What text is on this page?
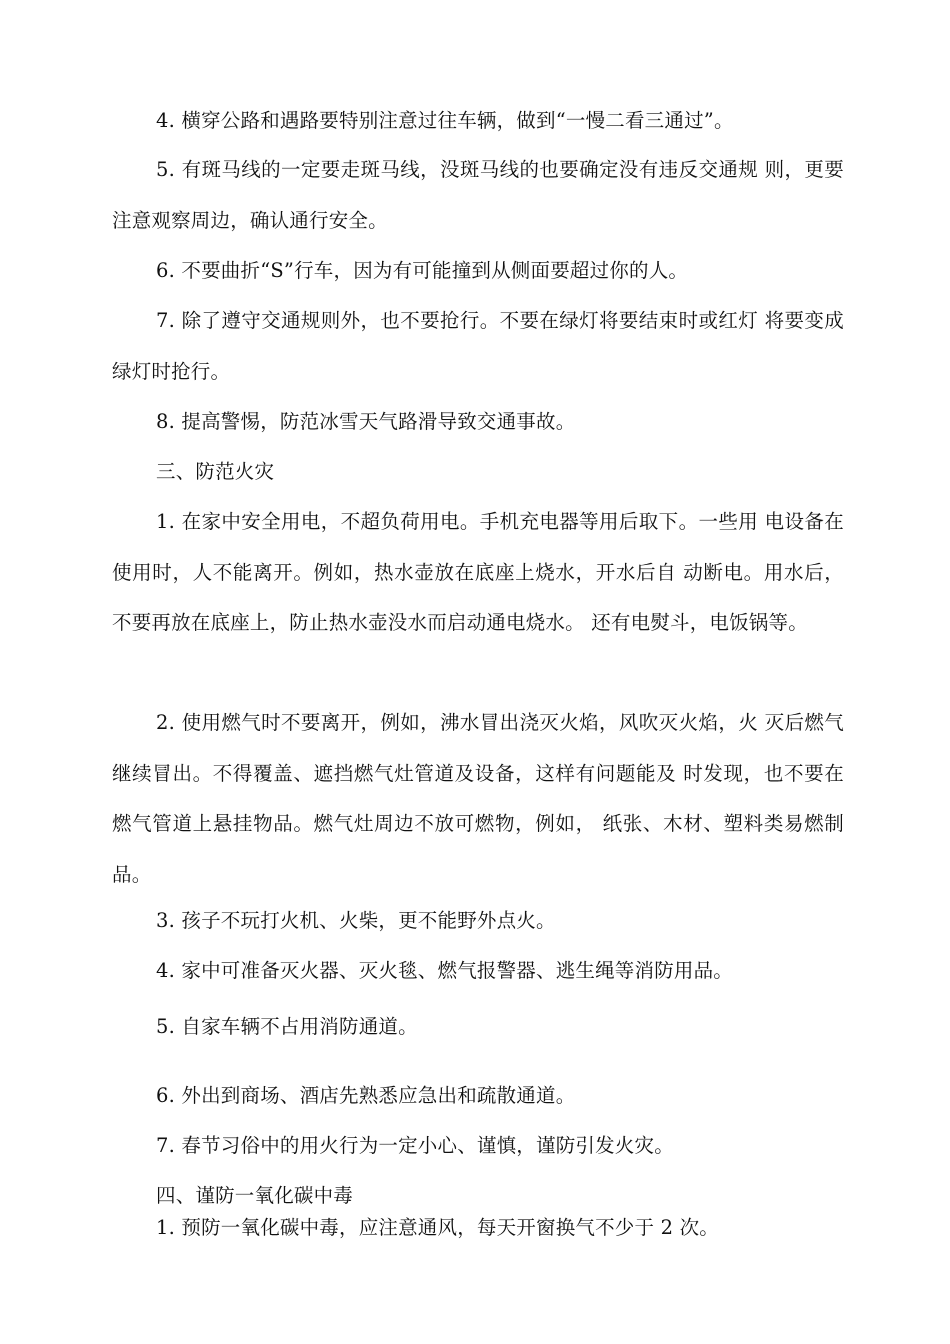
4. 横穿公路和遇路要特别注意过往车辆，做到“一慢二看三通过”。

5. 有斑马线的一定要走斑马线，没斑马线的也要确定没有违反交通规 则，更要注意观察周边，确认通行安全。

6. 不要曲折“S”行车，因为有可能撞到从侧面要超过你的人。

7. 除了遵守交通规则外，也不要抢行。不要在绿灯将要结束时或红灯 将要变成绿灯时抢行。

8. 提高警惕，防范冰雪天气路滑导致交通事故。

三、防范火灾

1. 在家中安全用电，不超负荷用电。手机充电器等用后取下。一些用 电设备在使用时，人不能离开。例如，热水壶放在底座上烧水，开水后自 动断电。用水后，不要再放在底座上，防止热水壶没水而启动通电烧水。 还有电熨斗，电饭锅等。

2. 使用燃气时不要离开，例如，沸水冒出浇灭火焰，风吹灭火焰，火 灭后燃气继续冒出。不得覆盖、遮挡燃气灶管道及设备，这样有问题能及 时发现，也不要在燃气管道上悬挂物品。燃气灶周边不放可燃物，例如， 纸张、木材、塑料类易燃制品。

3. 孩子不玩打火机、火柴，更不能野外点火。

4. 家中可准备灭火器、灭火毯、燃气报警器、逃生绳等消防用品。

5. 自家车辆不占用消防通道。

6. 外出到商场、酒店先熟悉应急出和疏散通道。

7. 春节习俗中的用火行为一定小心、谨慎，谨防引发火灾。

四、谨防一氧化碳中毒

1. 预防一氧化碳中毒，应注意通风，每天开窗换气不少于 2 次。
